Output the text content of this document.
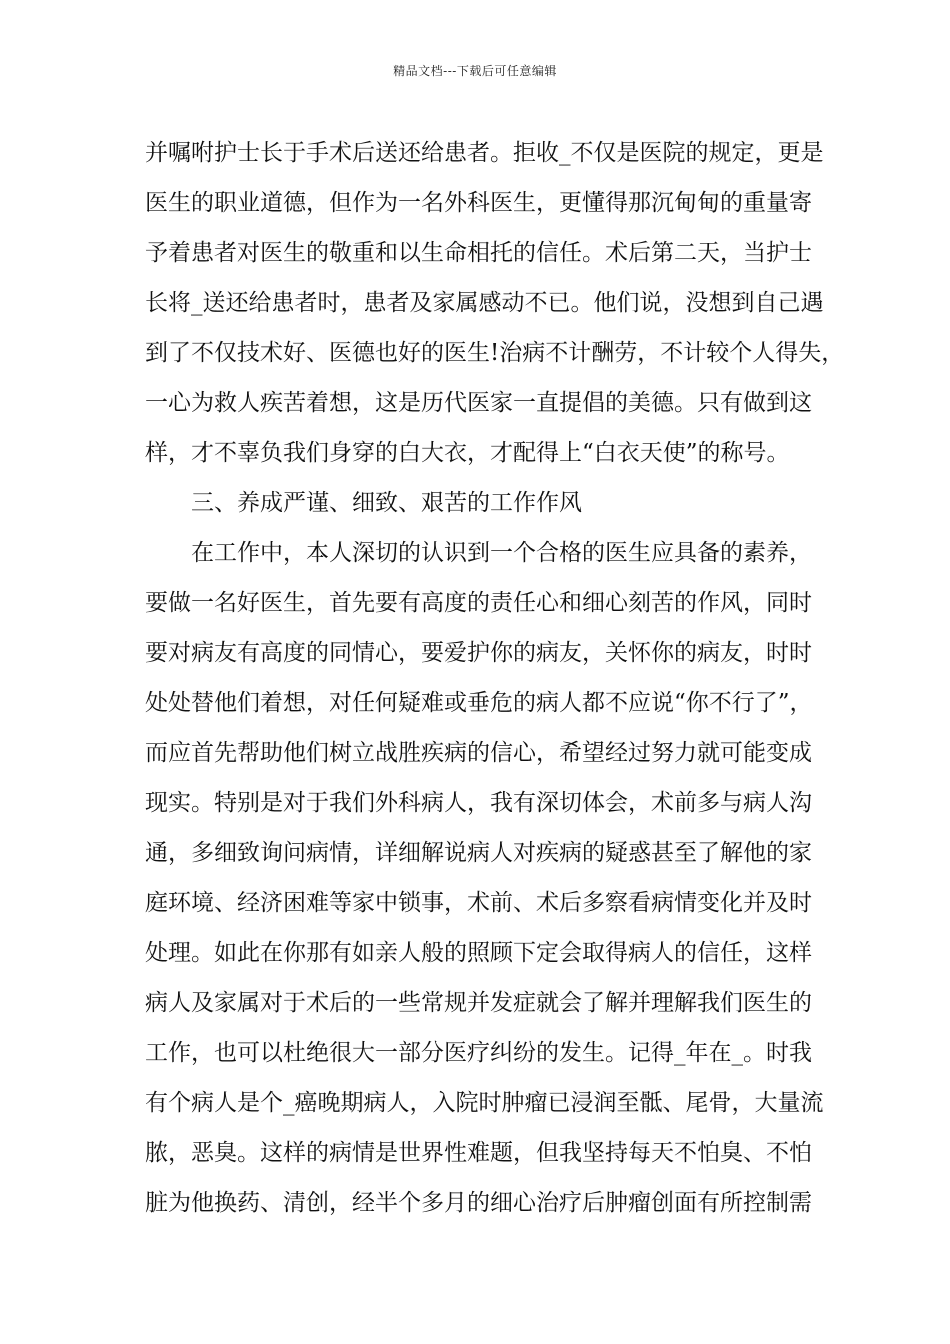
精品文档---下载后可任意编辑
并嘱咐护士长于手术后送还给患者。拒收_不仅是医院的规定，更是
医生的职业道德，但作为一名外科医生，更懂得那沉甸甸的重量寄
予着患者对医生的敬重和以生命相托的信任。术后第二天，当护士
长将_送还给患者时，患者及家属感动不已。他们说，没想到自己遇
到了不仅技术好、医德也好的医生!治病不计酬劳，不计较个人得失，
一心为救人疾苦着想，这是历代医家一直提倡的美德。只有做到这
样，才不辜负我们身穿的白大衣，才配得上“白衣天使”的称号。
三、养成严谨、细致、艰苦的工作作风
在工作中，本人深切的认识到一个合格的医生应具备的素养，
要做一名好医生，首先要有高度的责任心和细心刻苦的作风，同时
要对病友有高度的同情心，要爱护你的病友，关怀你的病友，时时
处处替他们着想，对任何疑难或垂危的病人都不应说“你不行了”，
而应首先帮助他们树立战胜疾病的信心，希望经过努力就可能变成
现实。特别是对于我们外科病人，我有深切体会，术前多与病人沟
通，多细致询问病情，详细解说病人对疾病的疑惑甚至了解他的家
庭环境、经济困难等家中锁事，术前、术后多察看病情变化并及时
处理。如此在你那有如亲人般的照顾下定会取得病人的信任，这样
病人及家属对于术后的一些常规并发症就会了解并理解我们医生的
工作，也可以杜绝很大一部分医疗纠纷的发生。记得_年在_。时我
有个病人是个_癌晚期病人，入院时肿瘤已浸润至骶、尾骨，大量流
脓，恶臭。这样的病情是世界性难题，但我坚持每天不怕臭、不怕
脏为他换药、清创，经半个多月的细心治疗后肿瘤创面有所控制需
